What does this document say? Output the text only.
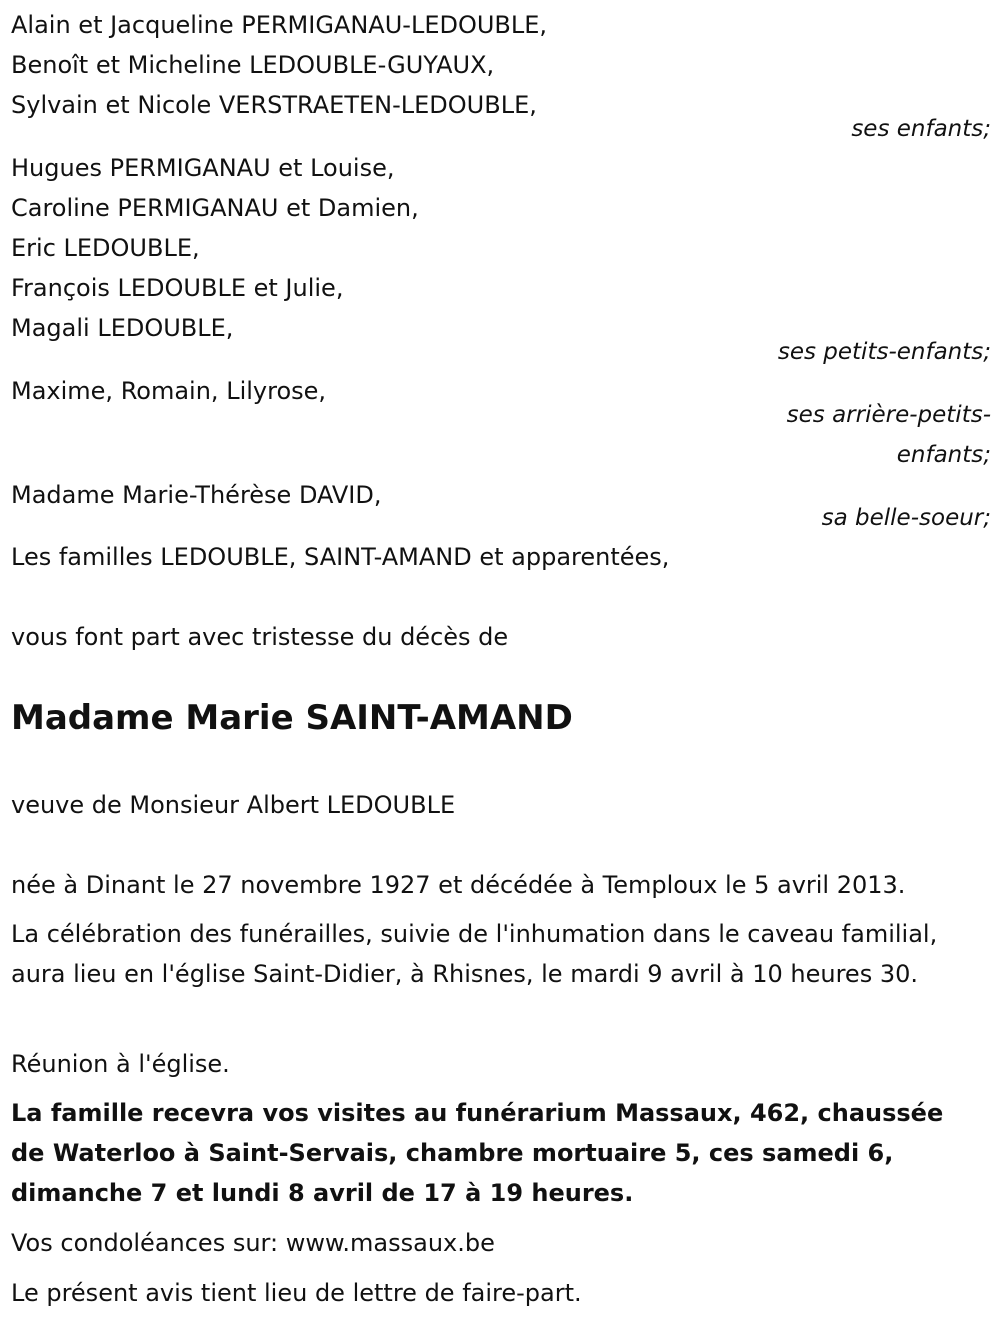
Alain et Jacqueline PERMIGANAU-LEDOUBLE,

Benoît et Micheline LEDOUBLE-GUYAUX,

Sylvain et Nicole VERSTRAETEN-LEDOUBLE,

ses enfants;

Hugues PERMIGANAU et Louise,

Caroline PERMIGANAU et Damien,

Eric LEDOUBLE,

François LEDOUBLE et Julie,

Magali LEDOUBLE,

ses petits-enfants;

Maxime, Romain, Lilyrose,

ses arrière-petits-

enfants;

Madame Marie-Thérèse DAVID,

sa belle-soeur;

Les familles LEDOUBLE, SAINT-AMAND et apparentées,

vous font part avec tristesse du décès de

Madame Marie SAINT-AMAND

veuve de Monsieur Albert LEDOUBLE

née à Dinant le 27 novembre 1927 et décédée à Temploux le 5 avril 2013.

La célébration des funérailles, suivie de l'inhumation dans le caveau familial, aura lieu en l'église Saint-Didier, à Rhisnes, le mardi 9 avril à 10 heures 30.

Réunion à l'église.

La famille recevra vos visites au funérarium Massaux, 462, chaussée de Waterloo à Saint-Servais, chambre mortuaire 5, ces samedi 6, dimanche 7 et lundi 8 avril de 17 à 19 heures.

Vos condoléances sur: www.massaux.be

Le présent avis tient lieu de lettre de faire-part.
